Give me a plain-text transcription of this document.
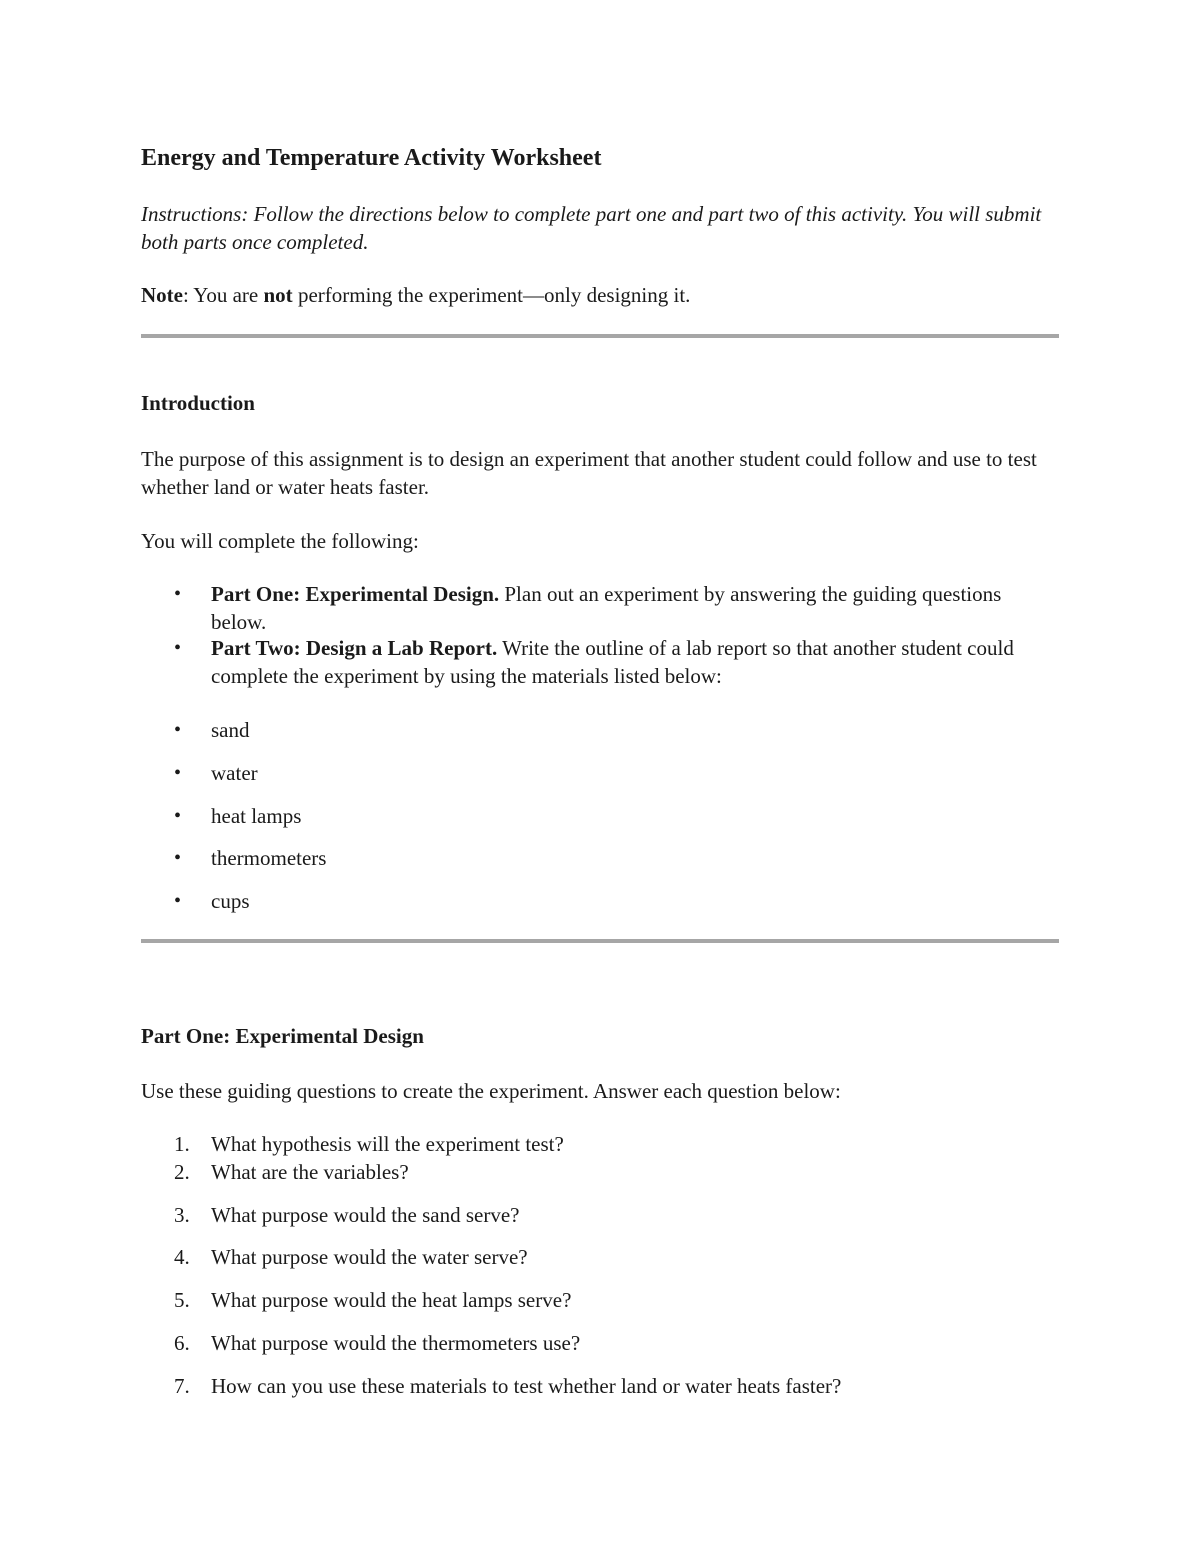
Energy and Temperature Activity Worksheet
Instructions: Follow the directions below to complete part one and part two of this activity. You will submit both parts once completed.
Note: You are not performing the experiment—only designing it.
Introduction
The purpose of this assignment is to design an experiment that another student could follow and use to test whether land or water heats faster.
You will complete the following:
• Part One: Experimental Design. Plan out an experiment by answering the guiding questions below.
• Part Two: Design a Lab Report. Write the outline of a lab report so that another student could complete the experiment by using the materials listed below:
• sand
• water
• heat lamps
• thermometers
• cups
Part One: Experimental Design
Use these guiding questions to create the experiment. Answer each question below:
1.	What hypothesis will the experiment test?
2.	What are the variables?
3.	What purpose would the sand serve?
4.	What purpose would the water serve?
5.	What purpose would the heat lamps serve?
6.	What purpose would the thermometers use?
7.	How can you use these materials to test whether land or water heats faster?
